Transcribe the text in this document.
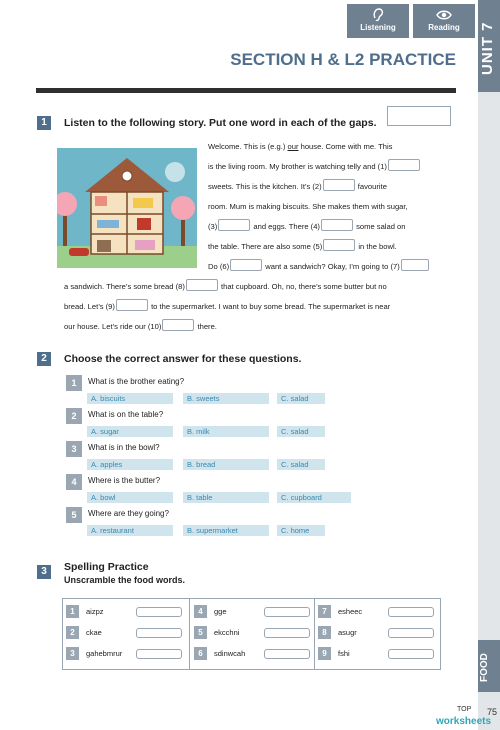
UNIT 7
FOOD
Listening	Reading
SECTION H & L2 PRACTICE
1	Listen to the following story. Put one word in each of the gaps.
Welcome. This is (e.g.) our house. Come with me. This
is the living room. My brother is watching telly and (1)
sweets. This is the kitchen. It’s (2)	favourite
room. Mum is making biscuits. She makes them with sugar,
(3)	and eggs. There (4)	some salad on
the table. There are also some (5)	in the bowl.
Do (6)	want a sandwich? Okay, I’m going to (7)
a sandwich. There’s some bread (8)	that cupboard. Oh, no, there’s some butter but no
bread. Let’s (9)	to the supermarket. I want to buy some bread. The supermarket is near
our house. Let’s ride our (10)	there.
2	Choose the correct answer for these questions.
1	What is the brother eating?
A. biscuits	B. sweets	C. salad
2	What is on the table?
A. sugar	B. milk	C. salad
3	What is in the bowl?
A. apples	B. bread	C. salad
4	Where is the butter?
A. bowl	B. table	C. cupboard
5	Where are they going?
A. restaurant	B. supermarket	C. home
3	Spelling Practice
Unscramble the food words.
1	aizpz
2	ckae
3	gahebmrur
4	gge
5	ekcchni
6	sdinwcah
7	esheec
8	asugr
9	fshi
TOP 75
worksheets
